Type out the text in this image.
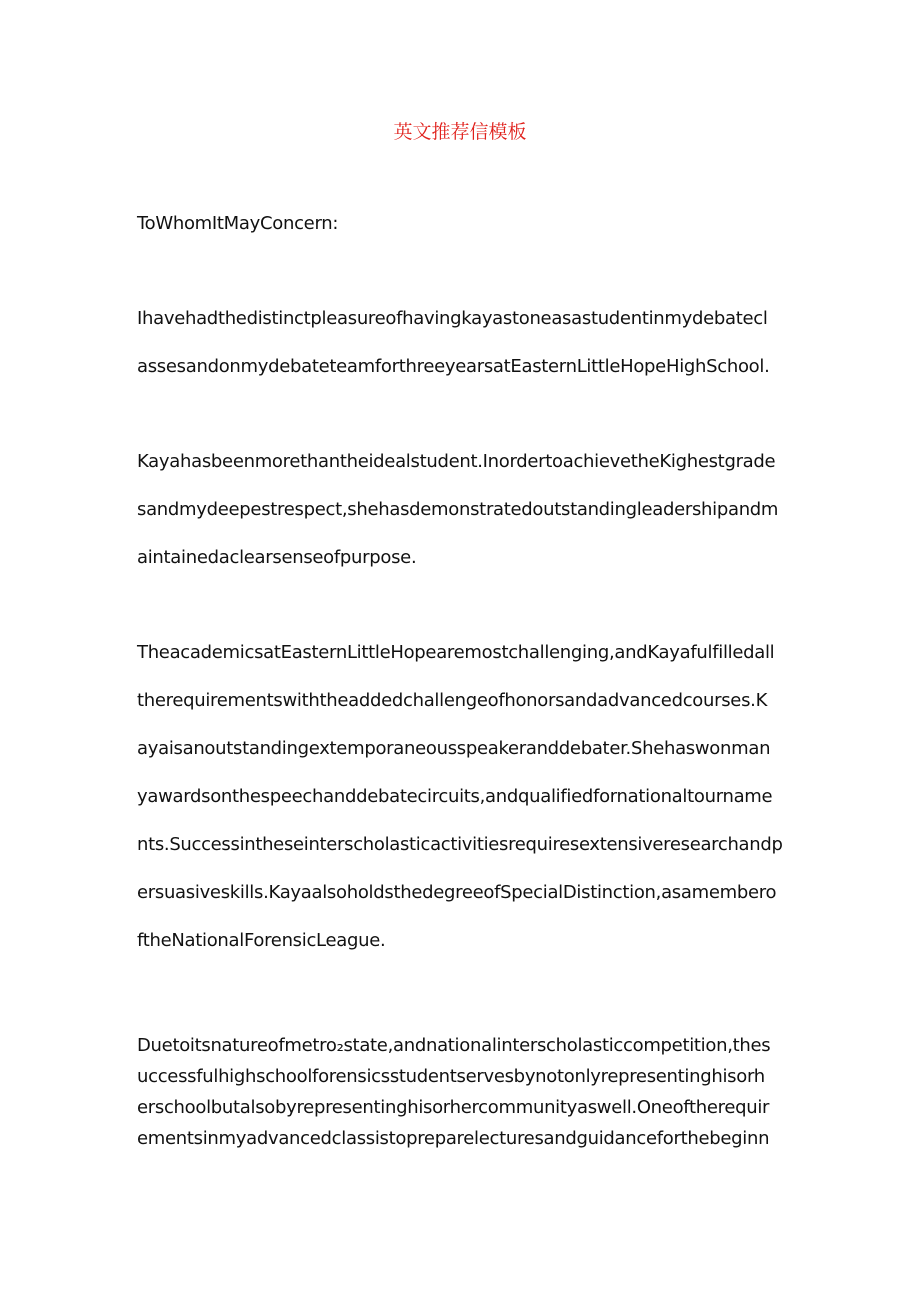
英文推荐信模板
ToWhomItMayConcern:
Ihavehadthedistinctpleasureofhavingkayastoneasastudentinmydebatecl
assesandonmydebateteamforthreeyearsatEasternLittleHopeHighSchool.
Kayahasbeenmorethantheidealstudent.InordertoachievetheKighestgrade
sandmydeepestrespect,shehasdemonstratedoutstandingleadershipandm
aintainedaclearsenseofpurpose.
TheacademicsatEasternLittleHopearemostchallenging,andKayafulfilledall
therequirementswiththeaddedchallengeofhonorsandadvancedcourses.K
ayaisanoutstandingextemporaneousspeakeranddebater.Shehaswonman
yawardsonthespeechanddebatecircuits,andqualifiedfornationaltourname
nts.Successintheseinterscholasticactivitiesrequiresextensiveresearchandp
ersuasiveskills.KayaalsoholdsthedegreeofSpecialDistinction,asamembero
ftheNationalForensicLeague.
Duetoitsnatureofmetro₂state,andnationalinterscholasticcompetition,thes
uccessfulhighschoolforensicsstudentservesbynotonlyrepresentinghisorh
erschoolbutalsobyrepresentinghisorhercommunityaswell.Oneoftherequir
ementsinmyadvancedclassistopreparelecturesandguidanceforthebeginn
